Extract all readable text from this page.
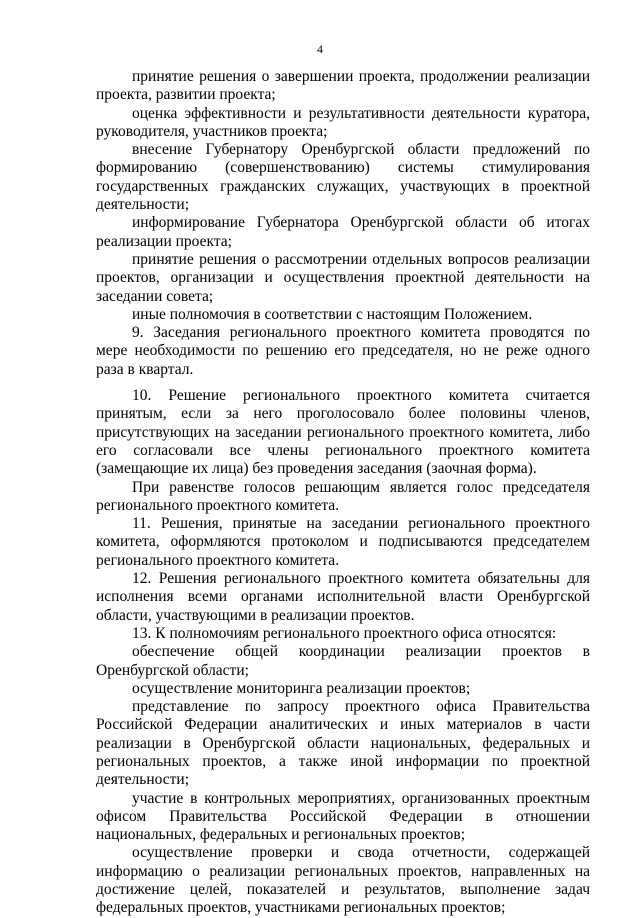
4

принятие решения о завершении проекта, продолжении реализации проекта, развитии проекта;

оценка эффективности и результативности деятельности куратора, руководителя, участников проекта;

внесение Губернатору Оренбургской области предложений по формированию (совершенствованию) системы стимулирования государственных гражданских служащих, участвующих в проектной деятельности;

информирование Губернатора Оренбургской области об итогах реализации проекта;

принятие решения о рассмотрении отдельных вопросов реализации проектов, организации и осуществления проектной деятельности на заседании совета;

иные полномочия в соответствии с настоящим Положением.

9. Заседания регионального проектного комитета проводятся по мере необходимости по решению его председателя, но не реже одного раза в квартал.

10. Решение регионального проектного комитета считается принятым, если за него проголосовало более половины членов, присутствующих на заседании регионального проектного комитета, либо его согласовали все члены регионального проектного комитета (замещающие их лица) без проведения заседания (заочная форма).

При равенстве голосов решающим является голос председателя регионального проектного комитета.

11. Решения, принятые на заседании регионального проектного комитета, оформляются протоколом и подписываются председателем регионального проектного комитета.

12. Решения регионального проектного комитета обязательны для исполнения всеми органами исполнительной власти Оренбургской области, участвующими в реализации проектов.

13. К полномочиям регионального проектного офиса относятся:

обеспечение общей координации реализации проектов в Оренбургской области;

осуществление мониторинга реализации проектов;

представление по запросу проектного офиса Правительства Российской Федерации аналитических и иных материалов в части реализации в Оренбургской области национальных, федеральных и региональных проектов, а также иной информации по проектной деятельности;

участие в контрольных мероприятиях, организованных проектным офисом Правительства Российской Федерации в отношении национальных, федеральных и региональных проектов;

осуществление проверки и свода отчетности, содержащей информацию о реализации региональных проектов, направленных на достижение целей, показателей и результатов, выполнение задач федеральных проектов, участниками региональных проектов;
